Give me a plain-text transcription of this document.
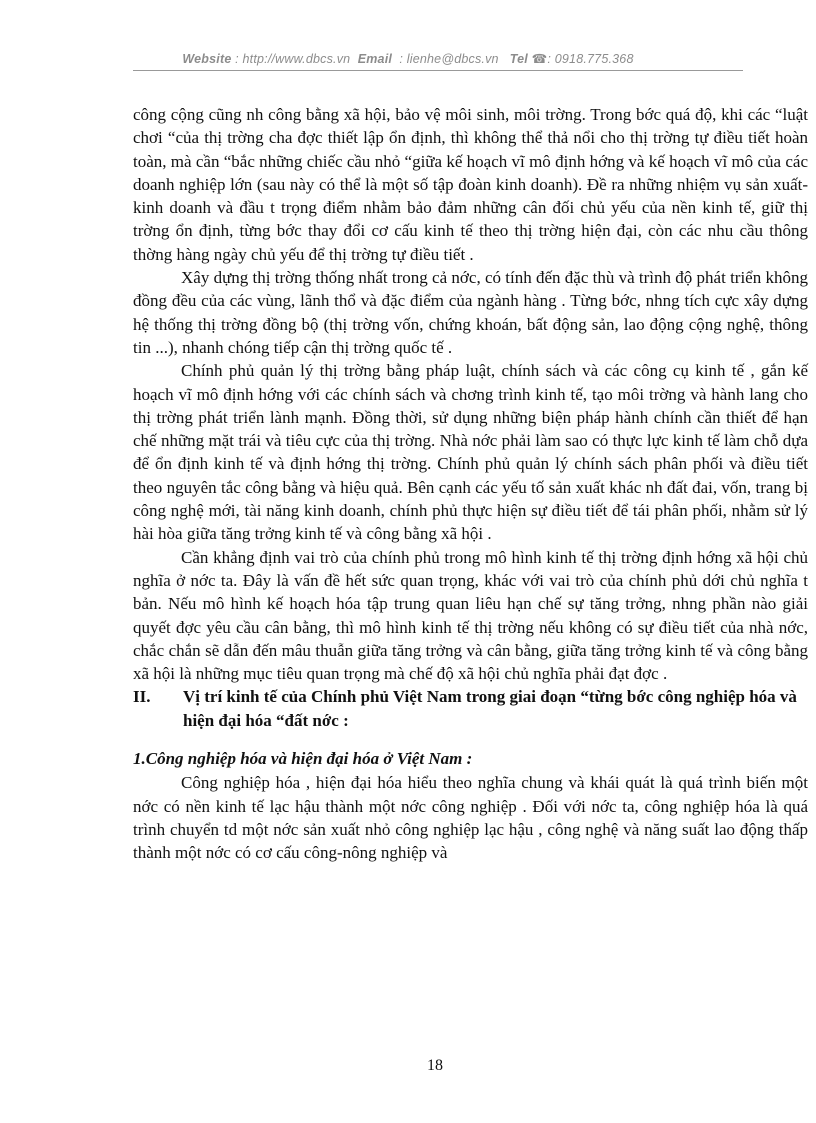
Website : http://www.dbcs.vn Email : lienhe@dbcs.vn Tel ☎: 0918.775.368

công cộng cũng nh công bằng xã hội, bảo vệ môi sinh, môi trờng. Trong bớc quá độ, khi các “luật chơi “của thị trờng cha đợc thiết lập ổn định, thì không thể thả nổi cho thị trờng tự điều tiết hoàn toàn, mà cần “bắc những chiếc cầu nhỏ “giữa kế hoạch vĩ mô định hớng và kế hoạch vĩ mô của các doanh nghiệp lớn (sau này có thể là một số tập đoàn kinh doanh). Đề ra những nhiệm vụ sản xuất-kinh doanh và đầu t trọng điểm nhằm bảo đảm những cân đối chủ yếu của nền kinh tế, giữ thị trờng ổn định, từng bớc thay đổi cơ cấu kinh tế theo thị trờng hiện đại, còn các nhu cầu thông thờng hàng ngày chủ yếu để thị trờng tự điều tiết .

Xây dựng thị trờng thống nhất trong cả nớc, có tính đến đặc thù và trình độ phát triển không đồng đều của các vùng, lãnh thổ và đặc điểm của ngành hàng . Từng bớc, nhng tích cực xây dựng hệ thống thị trờng đồng bộ (thị trờng vốn, chứng khoán, bất động sản, lao động cộng nghệ, thông tin ...), nhanh chóng tiếp cận thị trờng quốc tế .

Chính phủ quản lý thị trờng bằng pháp luật, chính sách và các công cụ kinh tế , gắn kế hoạch vĩ mô định hớng với các chính sách và chơng trình kinh tế, tạo môi trờng và hành lang cho thị trờng phát triển lành mạnh. Đồng thời, sử dụng những biện pháp hành chính cần thiết để hạn chế những mặt trái và tiêu cực của thị trờng. Nhà nớc phải làm sao có thực lực kinh tế làm chỗ dựa để ổn định kinh tế và định hớng thị trờng. Chính phủ quản lý chính sách phân phối và điều tiết theo nguyên tắc công bằng và hiệu quả. Bên cạnh các yếu tố sản xuất khác nh đất đai, vốn, trang bị công nghệ mới, tài năng kinh doanh, chính phủ thực hiện sự điều tiết để tái phân phối, nhằm sử lý hài hòa giữa tăng trởng kinh tế và công bằng xã hội .

Cần khẳng định vai trò của chính phủ trong mô hình kinh tế thị trờng định hớng xã hội chủ nghĩa ở nớc ta. Đây là vấn đề hết sức quan trọng, khác với vai trò của chính phủ dới chủ nghĩa t bản. Nếu mô hình kế hoạch hóa tập trung quan liêu hạn chế sự tăng trởng, nhng phần nào giải quyết đợc yêu cầu cân bằng, thì mô hình kinh tế thị trờng nếu không có sự điều tiết của nhà nớc, chắc chắn sẽ dẫn đến mâu thuẫn giữa tăng trởng và cân bằng, giữa tăng trởng kinh tế và công bằng xã hội là những mục tiêu quan trọng mà chế độ xã hội chủ nghĩa phải đạt đợc .

II.	Vị trí kinh tế của Chính phủ Việt Nam trong giai đoạn “từng bớc công nghiệp hóa và hiện đại hóa “đất nớc :
1.Công nghiệp hóa và hiện đại hóa ở Việt Nam :

Công nghiệp hóa , hiện đại hóa hiểu theo nghĩa chung và khái quát là quá trình biến một nớc có nền kinh tế lạc hậu thành một nớc công nghiệp . Đối với nớc ta, công nghiệp hóa là quá trình chuyển td một nớc sản xuất nhỏ công nghiệp lạc hậu , công nghệ và năng suất lao động thấp thành một nớc có cơ cấu công-nông nghiệp và

18
